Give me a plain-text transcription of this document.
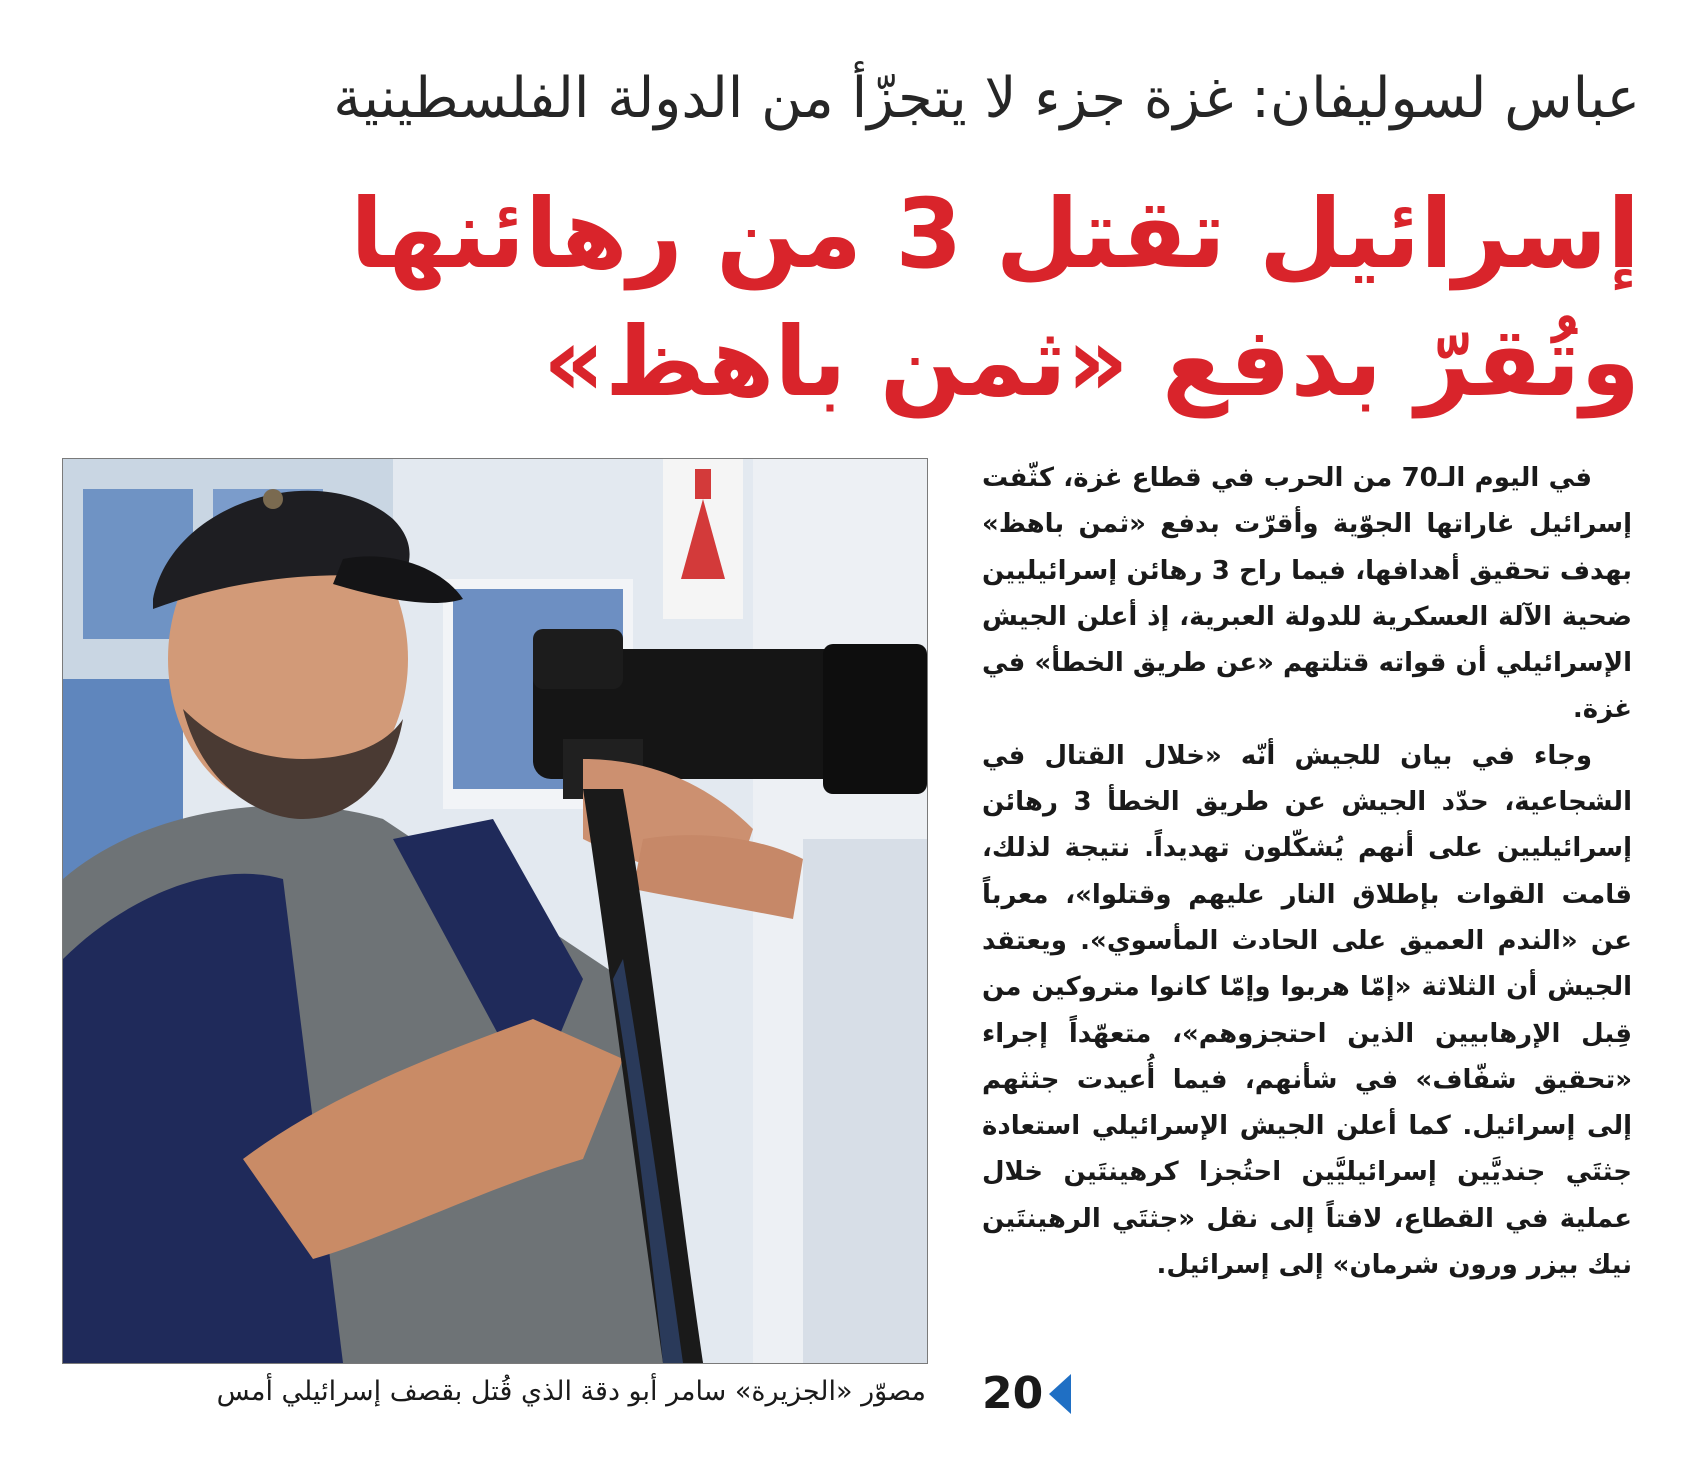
عباس لسوليفان: غزة جزء لا يتجزّأ من الدولة الفلسطينية
إسرائيل تقتل 3 من رهائنها
وتُقرّ بدفع «ثمن باهظ»
مصوّر «الجزيرة» سامر أبو دقة الذي قُتل بقصف إسرائيلي أمس

في اليوم الـ70 من الحرب في قطاع غزة، كثّفت إسرائيل غاراتها الجوّية وأقرّت بدفع «ثمن باهظ» بهدف تحقيق أهدافها، فيما راح 3 رهائن إسرائيليين ضحية الآلة العسكرية للدولة العبرية، إذ أعلن الجيش الإسرائيلي أن قواته قتلتهم «عن طريق الخطأ» في غزة.

وجاء في بيان للجيش أنّه «خلال القتال في الشجاعية، حدّد الجيش عن طريق الخطأ 3 رهائن إسرائيليين على أنهم يُشكّلون تهديداً. نتيجة لذلك، قامت القوات بإطلاق النار عليهم وقتلوا»، معرباً عن «الندم العميق على الحادث المأسوي». ويعتقد الجيش أن الثلاثة «إمّا هربوا وإمّا كانوا متروكين من قِبل الإرهابيين الذين احتجزوهم»، متعهّداً إجراء «تحقيق شفّاف» في شأنهم، فيما أُعيدت جثثهم إلى إسرائيل. كما أعلن الجيش الإسرائيلي استعادة جثتَي جنديَّين إسرائيليَّين احتُجزا كرهينتَين خلال عملية في القطاع، لافتاً إلى نقل «جثتَي الرهينتَين نيك بيزر ورون شرمان» إلى إسرائيل.

20
